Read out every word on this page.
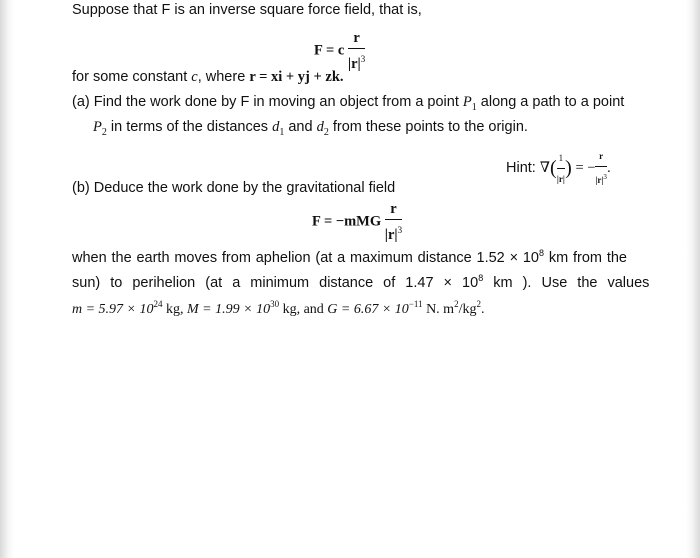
Suppose that F is an inverse square force field, that is,
F = c $\frac{r}{|r|^3}$
for some constant c, where r = xi + yj + zk.
(a) Find the work done by F in moving an object from a point $P_1$ along a path to a point
$P_2$ in terms of the distances $d_1$ and $d_2$ from these points to the origin.
Hint: ∇( $\frac{1}{|r|}$ ) = − $\frac{r}{|r|^3}$ .
(b) Deduce the work done by the gravitational field
$F = -mMG \frac{r}{|r|^3}$
when the earth moves from aphelion (at a maximum distance $1.52 \times 10^8$ km from the
sun) to perihelion (at a minimum distance of $1.47 \times 10^8$ km ). Use the values
$m = 5.97 \times 10^{24}$ kg, $M = 1.99 \times 10^{30}$ kg, and $G = 6.67 \times 10^{-11}$ N. $m^2/kg^2$.
